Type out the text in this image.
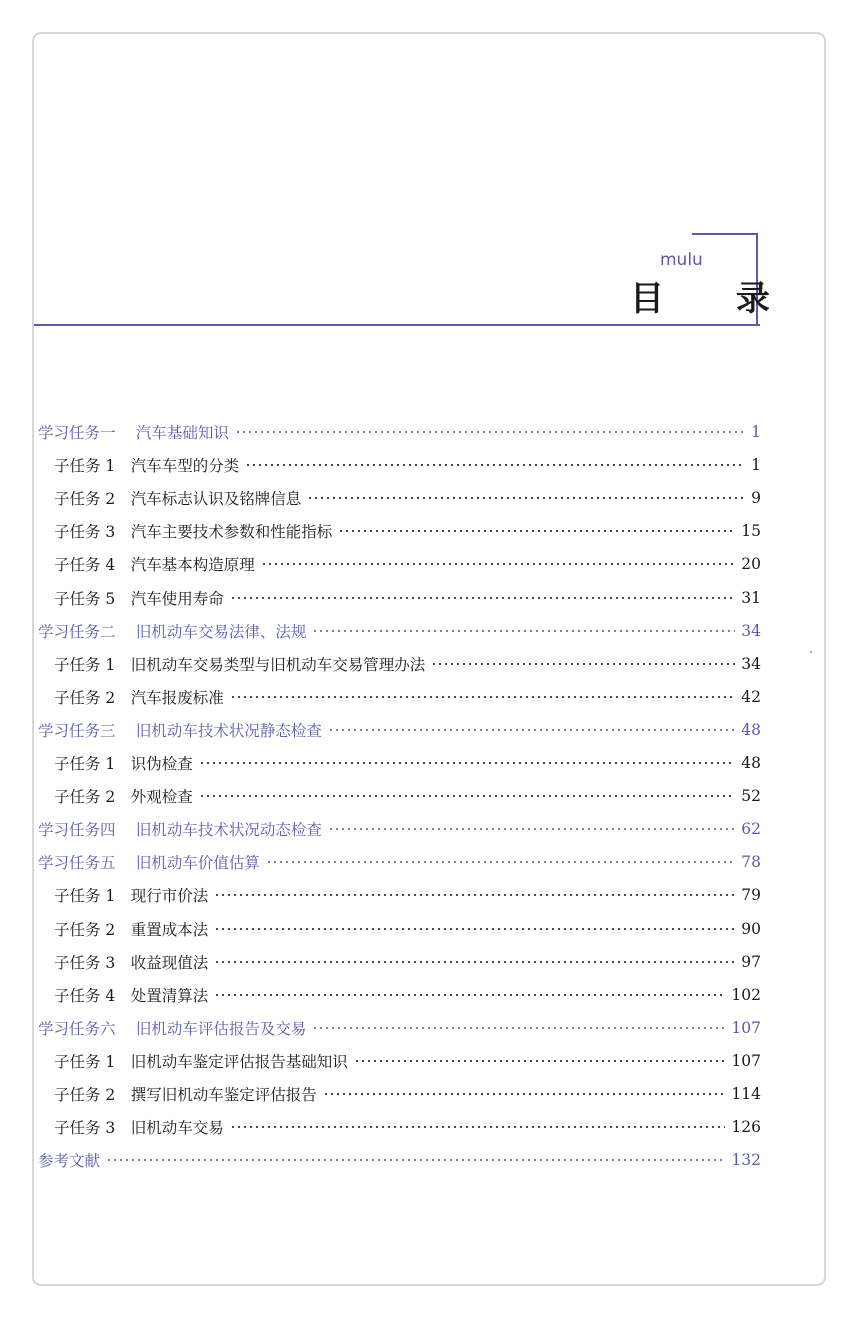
mulu
目 录
学习任务一　 汽车基础知识	1
子任务 1　汽车车型的分类	1
子任务 2　汽车标志认识及铭牌信息	9
子任务 3　汽车主要技术参数和性能指标	15
子任务 4　汽车基本构造原理	20
子任务 5　汽车使用寿命	31
学习任务二　 旧机动车交易法律、法规	34
子任务 1　旧机动车交易类型与旧机动车交易管理办法	34
子任务 2　汽车报废标准	42
学习任务三　 旧机动车技术状况静态检查	48
子任务 1　识伪检查	48
子任务 2　外观检查	52
学习任务四　 旧机动车技术状况动态检查	62
学习任务五　 旧机动车价值估算	78
子任务 1　现行市价法	79
子任务 2　重置成本法	90
子任务 3　收益现值法	97
子任务 4　处置清算法	102
学习任务六　 旧机动车评估报告及交易	107
子任务 1　旧机动车鉴定评估报告基础知识	107
子任务 2　撰写旧机动车鉴定评估报告	114
子任务 3　旧机动车交易	126
参考文献	132
